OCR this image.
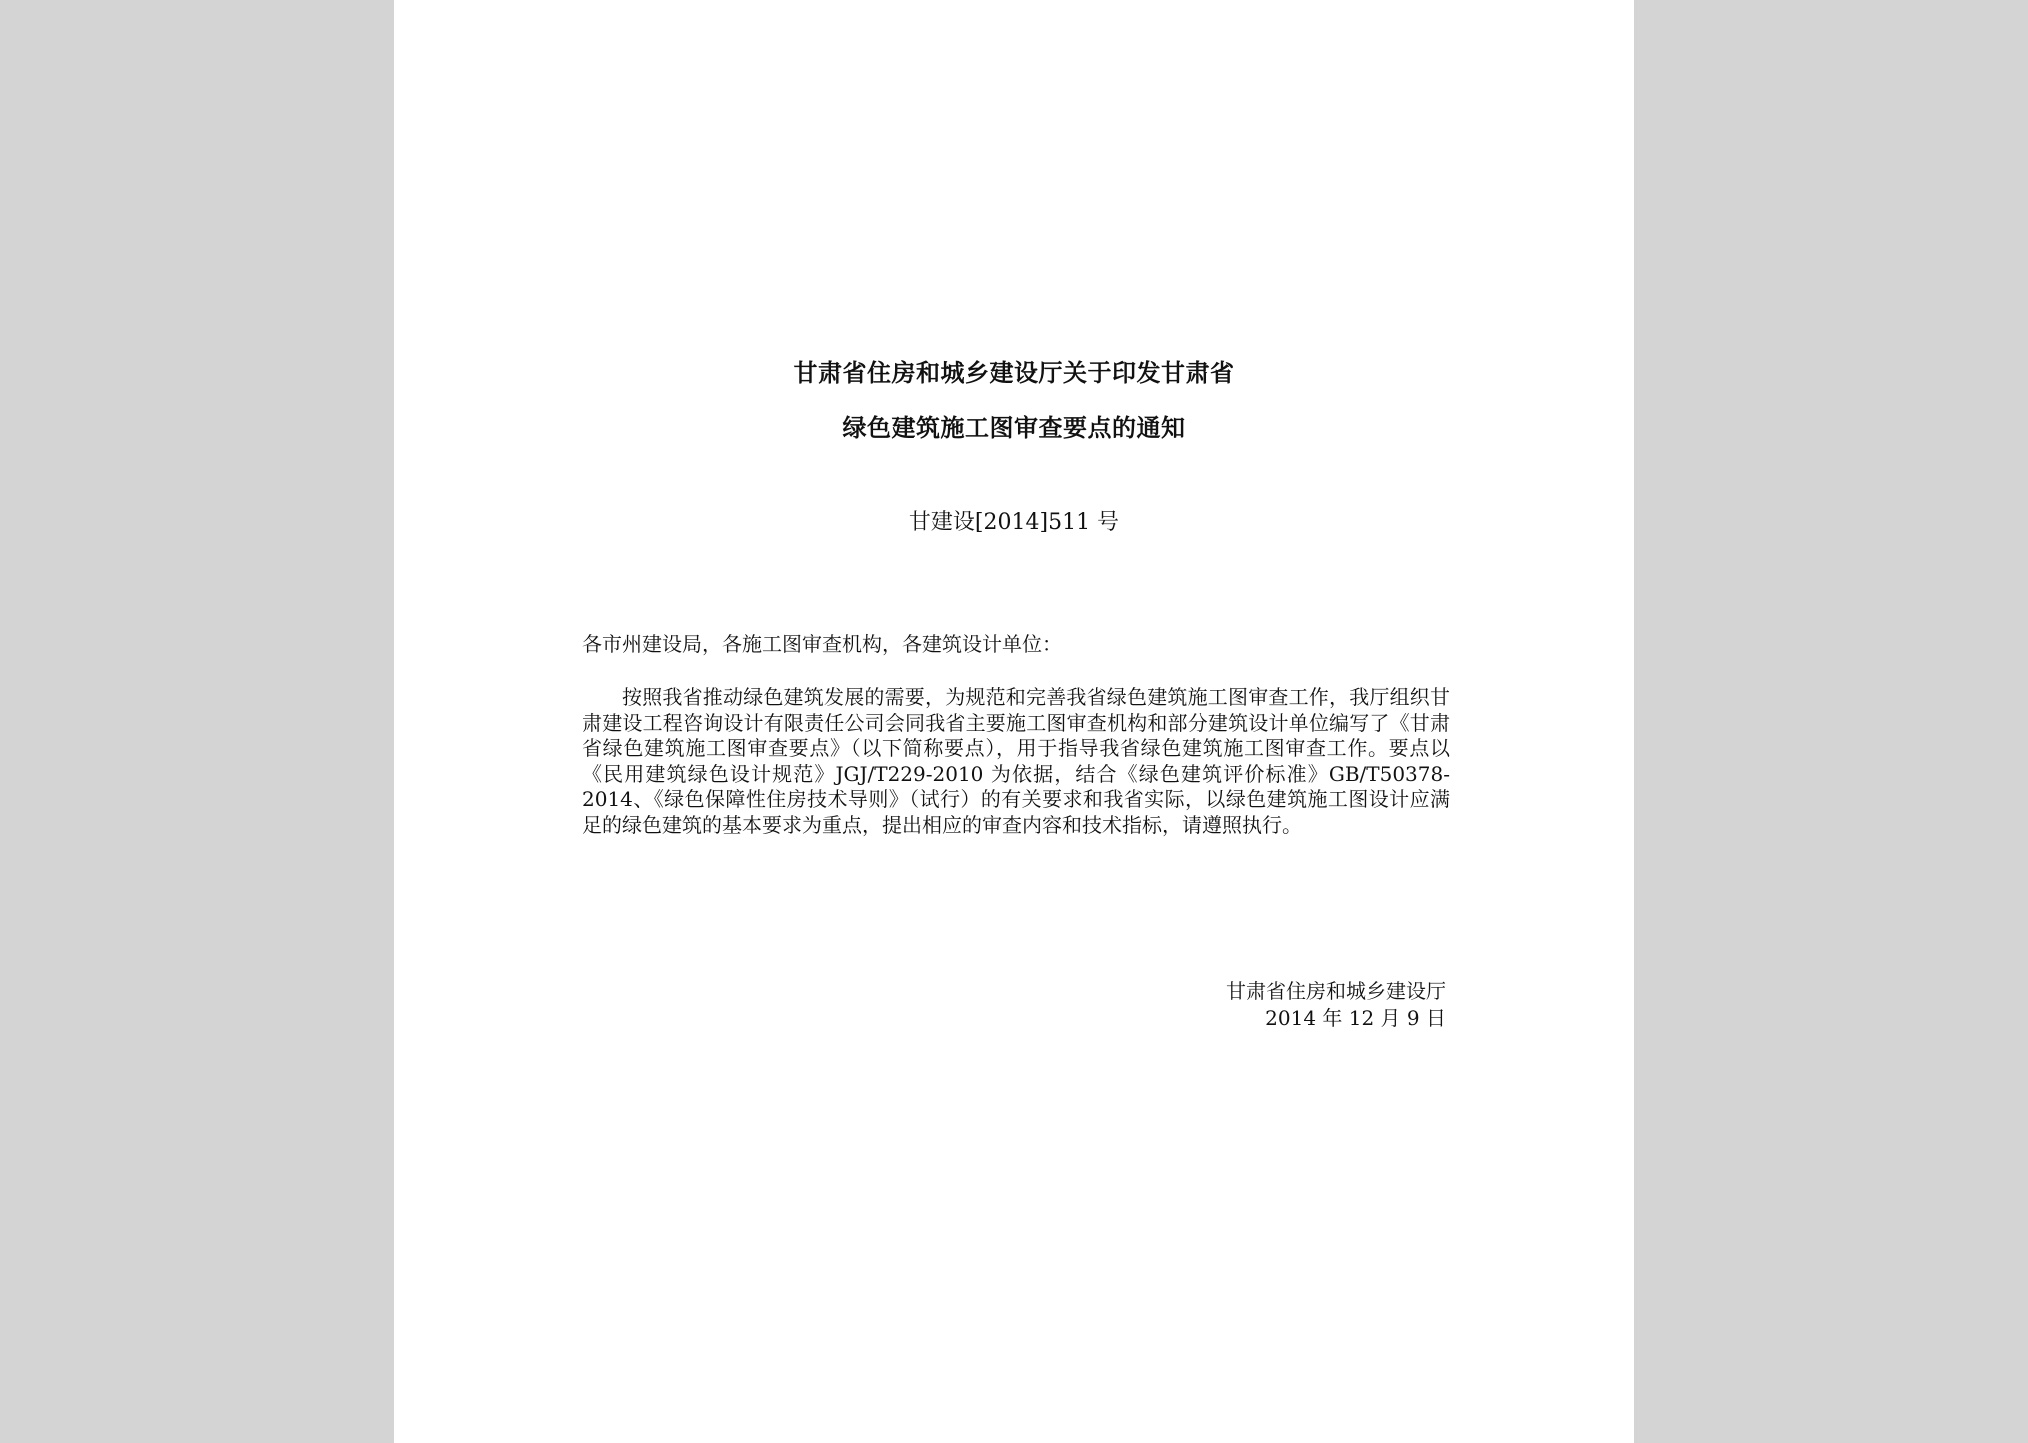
甘肃省住房和城乡建设厅关于印发甘肃省
绿色建筑施工图审查要点的通知
甘建设[2014]511 号
各市州建设局，各施工图审查机构，各建筑设计单位：
按照我省推动绿色建筑发展的需要，为规范和完善我省绿色建筑施工图审查工作，我厅组织甘肃建设工程咨询设计有限责任公司会同我省主要施工图审查机构和部分建筑设计单位编写了《甘肃省绿色建筑施工图审查要点》（以下简称要点），用于指导我省绿色建筑施工图审查工作。要点以《民用建筑绿色设计规范》JGJ/T229-2010 为依据，结合《绿色建筑评价标准》GB/T50378-2014、《绿色保障性住房技术导则》（试行）的有关要求和我省实际，以绿色建筑施工图设计应满足的绿色建筑的基本要求为重点，提出相应的审查内容和技术指标，请遵照执行。
甘肃省住房和城乡建设厅
2014 年 12 月 9 日
